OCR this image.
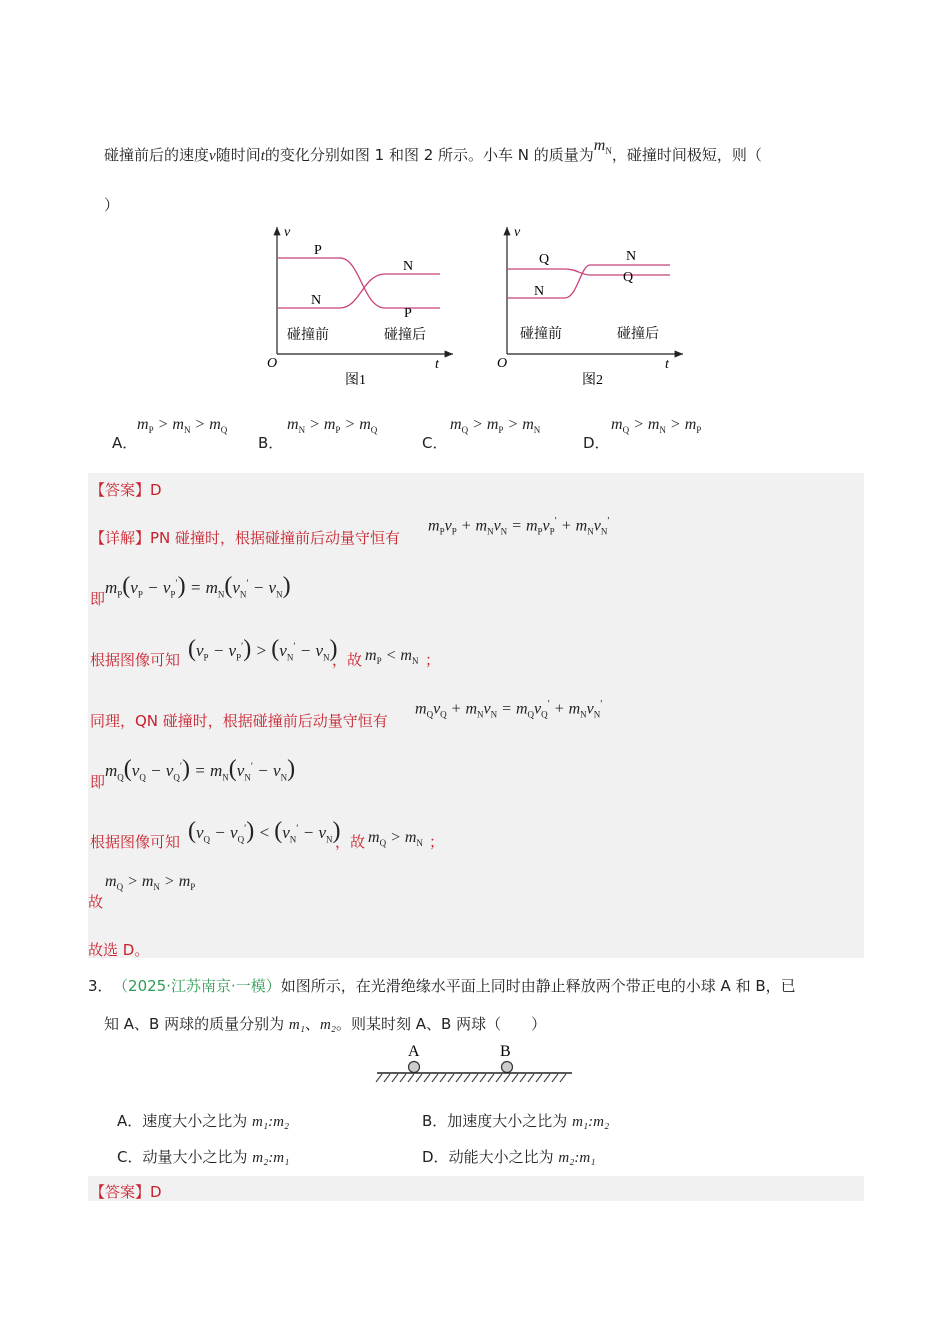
碰撞前后的速度v随时间t的变化分别如图 1 和图 2 所示。小车 N 的质量为$m_N$，碰撞时间极短，则（
）
v
O	t
P
N
N
P
碰撞前	碰撞后
图1
v
O	t
Q
N
N
Q
碰撞前	碰撞后
图2
A．
$m_P > m_N > m_Q$
B．
$m_N > m_P > m_Q$
C．
$m_Q > m_P > m_N$
D．
$m_Q > m_N > m_P$
【答案】D
【详解】PN 碰撞时，根据碰撞前后动量守恒有
$m_Pv_P + m_Nv_N = m_Pv_P' + m_Nv_N'$
即
$m_P(v_P - v_P') = m_N(v_N' - v_N)$
根据图像可知 $(v_P - v_P') > (v_N' - v_N)$
，故 $m_P < m_N$ ；
同理，QN 碰撞时，根据碰撞前后动量守恒有
$m_Qv_Q + m_Nv_N = m_Qv_Q' + m_Nv_N'$
即
$m_Q(v_Q - v_Q') = m_N(v_N' - v_N)$
根据图像可知 $(v_Q - v_Q') < (v_N' - v_N)$
，故 $m_Q > m_N$ ；
$m_Q > m_N > m_P$
故
故选 D。
3． （2025·江苏南京·一模）如图所示，在光滑绝缘水平面上同时由静止释放两个带正电的小球 A 和 B，已
知 A、B 两球的质量分别为 m₁、m₂。则某时刻 A、B 两球（　　）
A	B
A．速度大小之比为 m₁:m₂	B．加速度大小之比为 m₁:m₂
C．动量大小之比为 m₂:m₁	D．动能大小之比为 m₂:m₁
【答案】D
